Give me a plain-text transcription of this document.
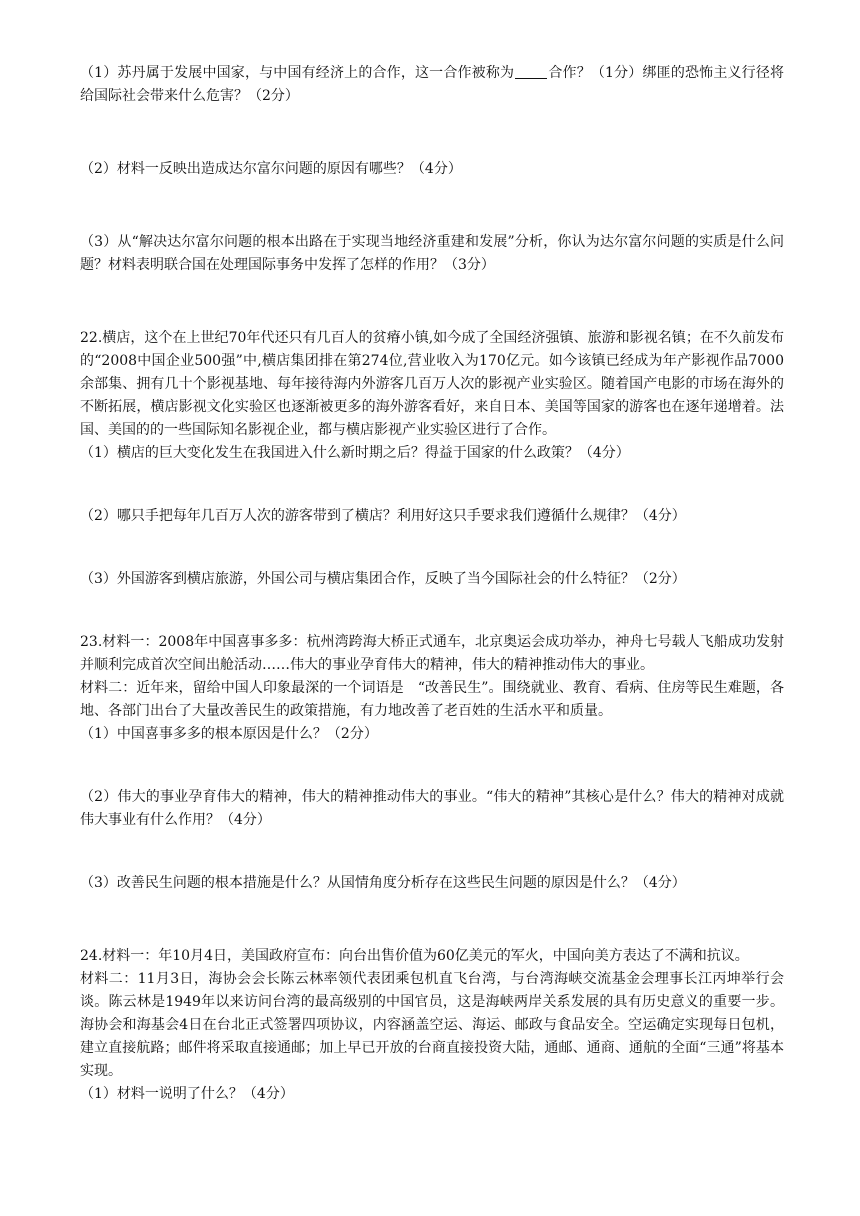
（1）苏丹属于发展中国家，与中国有经济上的合作，这一合作被称为 合作？（1分）绑匪的恐怖主义行径将给国际社会带来什么危害？（2分）

（2）材料一反映出造成达尔富尔问题的原因有哪些？（4分）

（3）从“解决达尔富尔问题的根本出路在于实现当地经济重建和发展”分析，你认为达尔富尔问题的实质是什么问题？材料表明联合国在处理国际事务中发挥了怎样的作用？（3分）

22.横店，这个在上世纪70年代还只有几百人的贫瘠小镇,如今成了全国经济强镇、旅游和影视名镇；在不久前发布的“2008中国企业500强”中,横店集团排在第274位,营业收入为170亿元。如今该镇已经成为年产影视作品7000余部集、拥有几十个影视基地、每年接待海内外游客几百万人次的影视产业实验区。随着国产电影的市场在海外的不断拓展，横店影视文化实验区也逐渐被更多的海外游客看好，来自日本、美国等国家的游客也在逐年递增着。法国、美国的的一些国际知名影视企业，都与横店影视产业实验区进行了合作。

（1）横店的巨大变化发生在我国进入什么新时期之后？得益于国家的什么政策？（4分）

（2）哪只手把每年几百万人次的游客带到了横店？利用好这只手要求我们遵循什么规律？（4分）

（3）外国游客到横店旅游，外国公司与横店集团合作，反映了当今国际社会的什么特征？（2分）

23.材料一：2008年中国喜事多多：杭州湾跨海大桥正式通车，北京奥运会成功举办，神舟七号载人飞船成功发射并顺利完成首次空间出舱活动……伟大的事业孕育伟大的精神，伟大的精神推动伟大的事业。

材料二：近年来，留给中国人印象最深的一个词语是　“改善民生”。围绕就业、教育、看病、住房等民生难题，各地、各部门出台了大量改善民生的政策措施，有力地改善了老百姓的生活水平和质量。

（1）中国喜事多多的根本原因是什么？（2分）

（2）伟大的事业孕育伟大的精神，伟大的精神推动伟大的事业。“伟大的精神”其核心是什么？伟大的精神对成就伟大事业有什么作用？（4分）

（3）改善民生问题的根本措施是什么？从国情角度分析存在这些民生问题的原因是什么？（4分）

24.材料一：年10月4日，美国政府宣布：向台出售价值为60亿美元的军火，中国向美方表达了不满和抗议。

材料二：11月3日，海协会会长陈云林率领代表团乘包机直飞台湾，与台湾海峡交流基金会理事长江丙坤举行会谈。陈云林是1949年以来访问台湾的最高级别的中国官员，这是海峡两岸关系发展的具有历史意义的重要一步。海协会和海基会4日在台北正式签署四项协议，内容涵盖空运、海运、邮政与食品安全。空运确定实现每日包机，建立直接航路；邮件将采取直接通邮；加上早已开放的台商直接投资大陆，通邮、通商、通航的全面“三通”将基本实现。

（1）材料一说明了什么？（4分）
